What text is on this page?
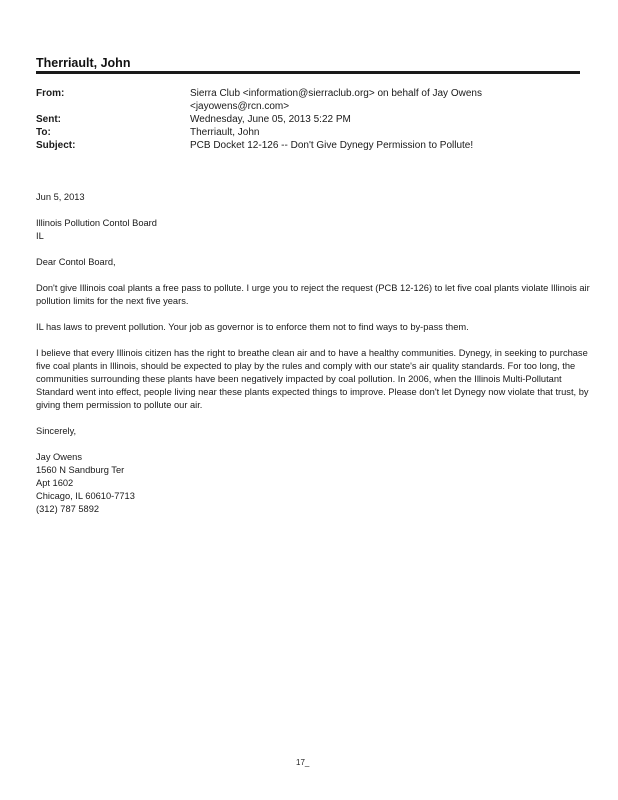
Therriault, John
From:	Sierra Club <information@sierraclub.org> on behalf of Jay Owens <jayowens@rcn.com>
Sent:	Wednesday, June 05, 2013 5:22 PM
To:	Therriault, John
Subject:	PCB Docket 12-126 -- Don't Give Dynegy Permission to Pollute!

Jun 5, 2013

Illinois Pollution Contol Board

IL

Dear Contol Board,

Don't give Illinois coal plants a free pass to pollute. I urge you to reject the request (PCB 12-126) to let five coal plants violate Illinois air pollution limits for the next five years.

IL has laws to prevent pollution. Your job as governor is to enforce them not to find ways to by-pass them.

I believe that every Illinois citizen has the right to breathe clean air and to have a healthy communities. Dynegy, in seeking to purchase five coal plants in Illinois, should be expected to play by the rules and comply with our state's air quality standards. For too long, the communities surrounding these plants have been negatively impacted by coal pollution. In 2006, when the Illinois Multi-Pollutant Standard went into effect, people living near these plants expected things to improve. Please don't let Dynegy now violate that trust, by giving them permission to pollute our air.

Sincerely,

Jay Owens
1560 N Sandburg Ter
Apt 1602
Chicago, IL 60610-7713
(312) 787 5892
17_
